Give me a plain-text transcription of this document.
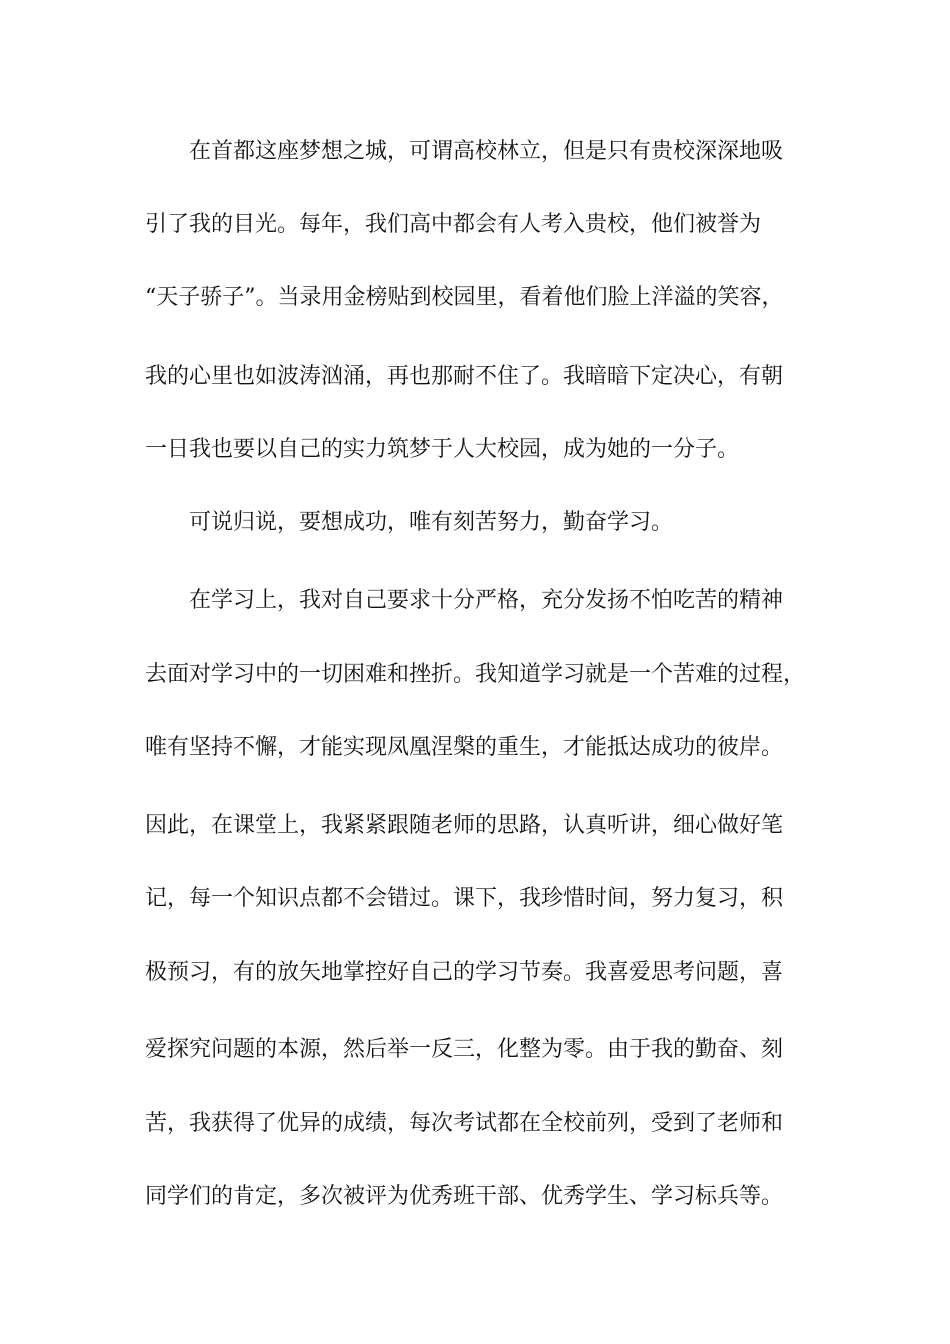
在首都这座梦想之城，可谓高校林立，但是只有贵校深深地吸

引了我的目光。每年，我们高中都会有人考入贵校，他们被誉为

“天子骄子”。当录用金榜贴到校园里，看着他们脸上洋溢的笑容，

我的心里也如波涛汹涌，再也那耐不住了。我暗暗下定决心，有朝

一日我也要以自己的实力筑梦于人大校园，成为她的一分子。

可说归说，要想成功，唯有刻苦努力，勤奋学习。

在学习上，我对自己要求十分严格，充分发扬不怕吃苦的精神

去面对学习中的一切困难和挫折。我知道学习就是一个苦难的过程，

唯有坚持不懈，才能实现凤凰涅槃的重生，才能抵达成功的彼岸。

因此，在课堂上，我紧紧跟随老师的思路，认真听讲，细心做好笔

记，每一个知识点都不会错过。课下，我珍惜时间，努力复习，积

极预习，有的放矢地掌控好自己的学习节奏。我喜爱思考问题，喜

爱探究问题的本源，然后举一反三，化整为零。由于我的勤奋、刻

苦，我获得了优异的成绩，每次考试都在全校前列，受到了老师和

同学们的肯定，多次被评为优秀班干部、优秀学生、学习标兵等。
